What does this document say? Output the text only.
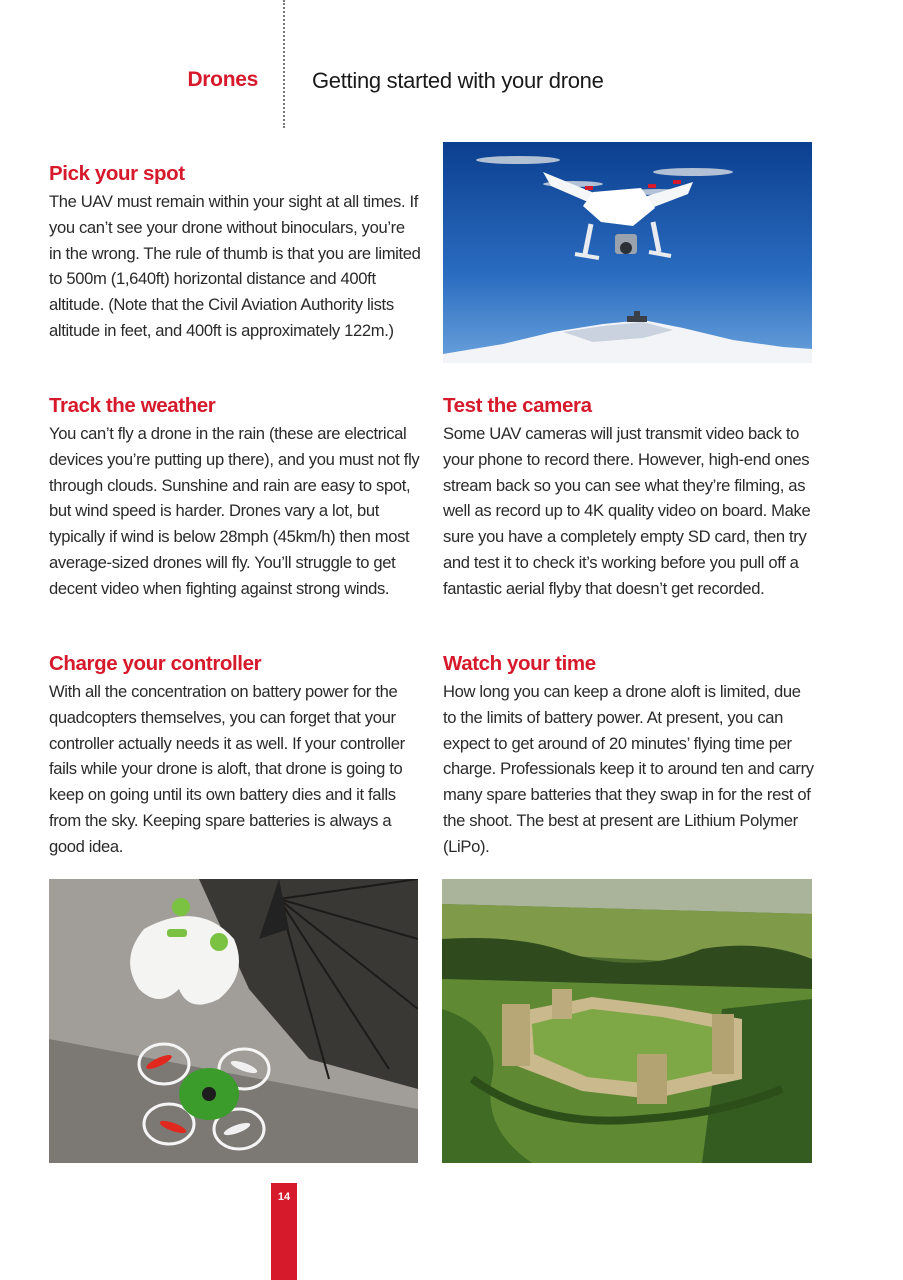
Drones Getting started with your drone
Pick your spot

The UAV must remain within your sight at all times. If you can’t see your drone without binoculars, you’re in the wrong. The rule of thumb is that you are limited to 500m (1,640ft) horizontal distance and 400ft altitude. (Note that the Civil Aviation Authority lists altitude in feet, and 400ft is approximately 122m.)

Track the weather

You can’t fly a drone in the rain (these are electrical devices you’re putting up there), and you must not fly through clouds. Sunshine and rain are easy to spot, but wind speed is harder. Drones vary a lot, but typically if wind is below 28mph (45km/h) then most average-sized drones will fly. You’ll struggle to get decent video when fighting against strong winds.

Test the camera

Some UAV cameras will just transmit video back to your phone to record there. However, high-end ones stream back so you can see what they’re filming, as well as record up to 4K quality video on board. Make sure you have a completely empty SD card, then try and test it to check it’s working before you pull off a fantastic aerial flyby that doesn’t get recorded.

Charge your controller

With all the concentration on battery power for the quadcopters themselves, you can forget that your controller actually needs it as well. If your controller fails while your drone is aloft, that drone is going to keep on going until its own battery dies and it falls from the sky. Keeping spare batteries is always a good idea.

Watch your time

How long you can keep a drone aloft is limited, due to the limits of battery power. At present, you can expect to get around of 20 minutes’ flying time per charge. Professionals keep it to around ten and carry many spare batteries that they swap in for the rest of the shoot. The best at present are Lithium Polymer (LiPo).

14
